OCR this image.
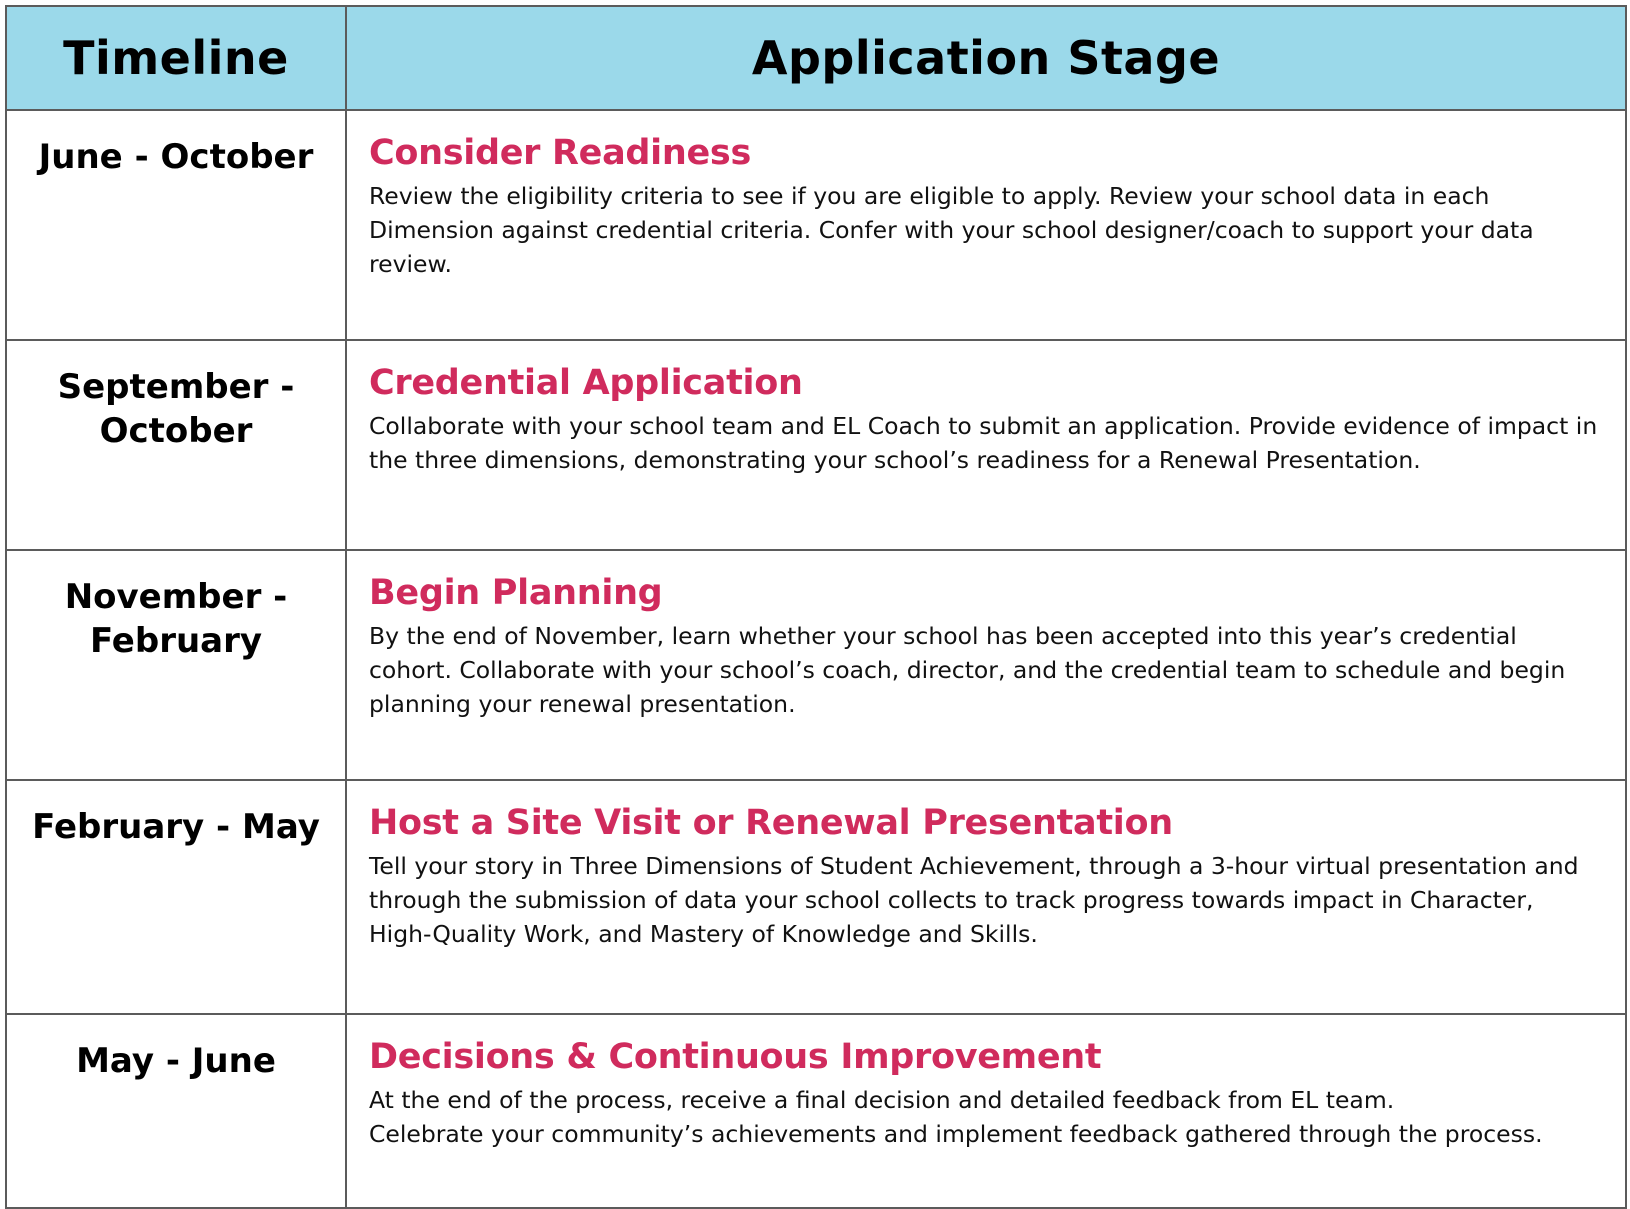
Timeline	Application Stage
June - October	Consider Readiness

Review the eligibility criteria to see if you are eligible to apply. Review your school data in each Dimension against credential criteria. Confer with your school designer/coach to support your data review.

September - October	Credential Application

Collaborate with your school team and EL Coach to submit an application. Provide evidence of impact in the three dimensions, demonstrating your school’s readiness for a Renewal Presentation.

November - February	Begin Planning

By the end of November, learn whether your school has been accepted into this year’s credential cohort. Collaborate with your school’s coach, director, and the credential team to schedule and begin planning your renewal presentation.

February - May	Host a Site Visit or Renewal Presentation

Tell your story in Three Dimensions of Student Achievement, through a 3-hour virtual presentation and through the submission of data your school collects to track progress towards impact in Character, High-Quality Work, and Mastery of Knowledge and Skills.

May - June	Decisions & Continuous Improvement

At the end of the process, receive a final decision and detailed feedback from EL team.
Celebrate your community’s achievements and implement feedback gathered through the process.
